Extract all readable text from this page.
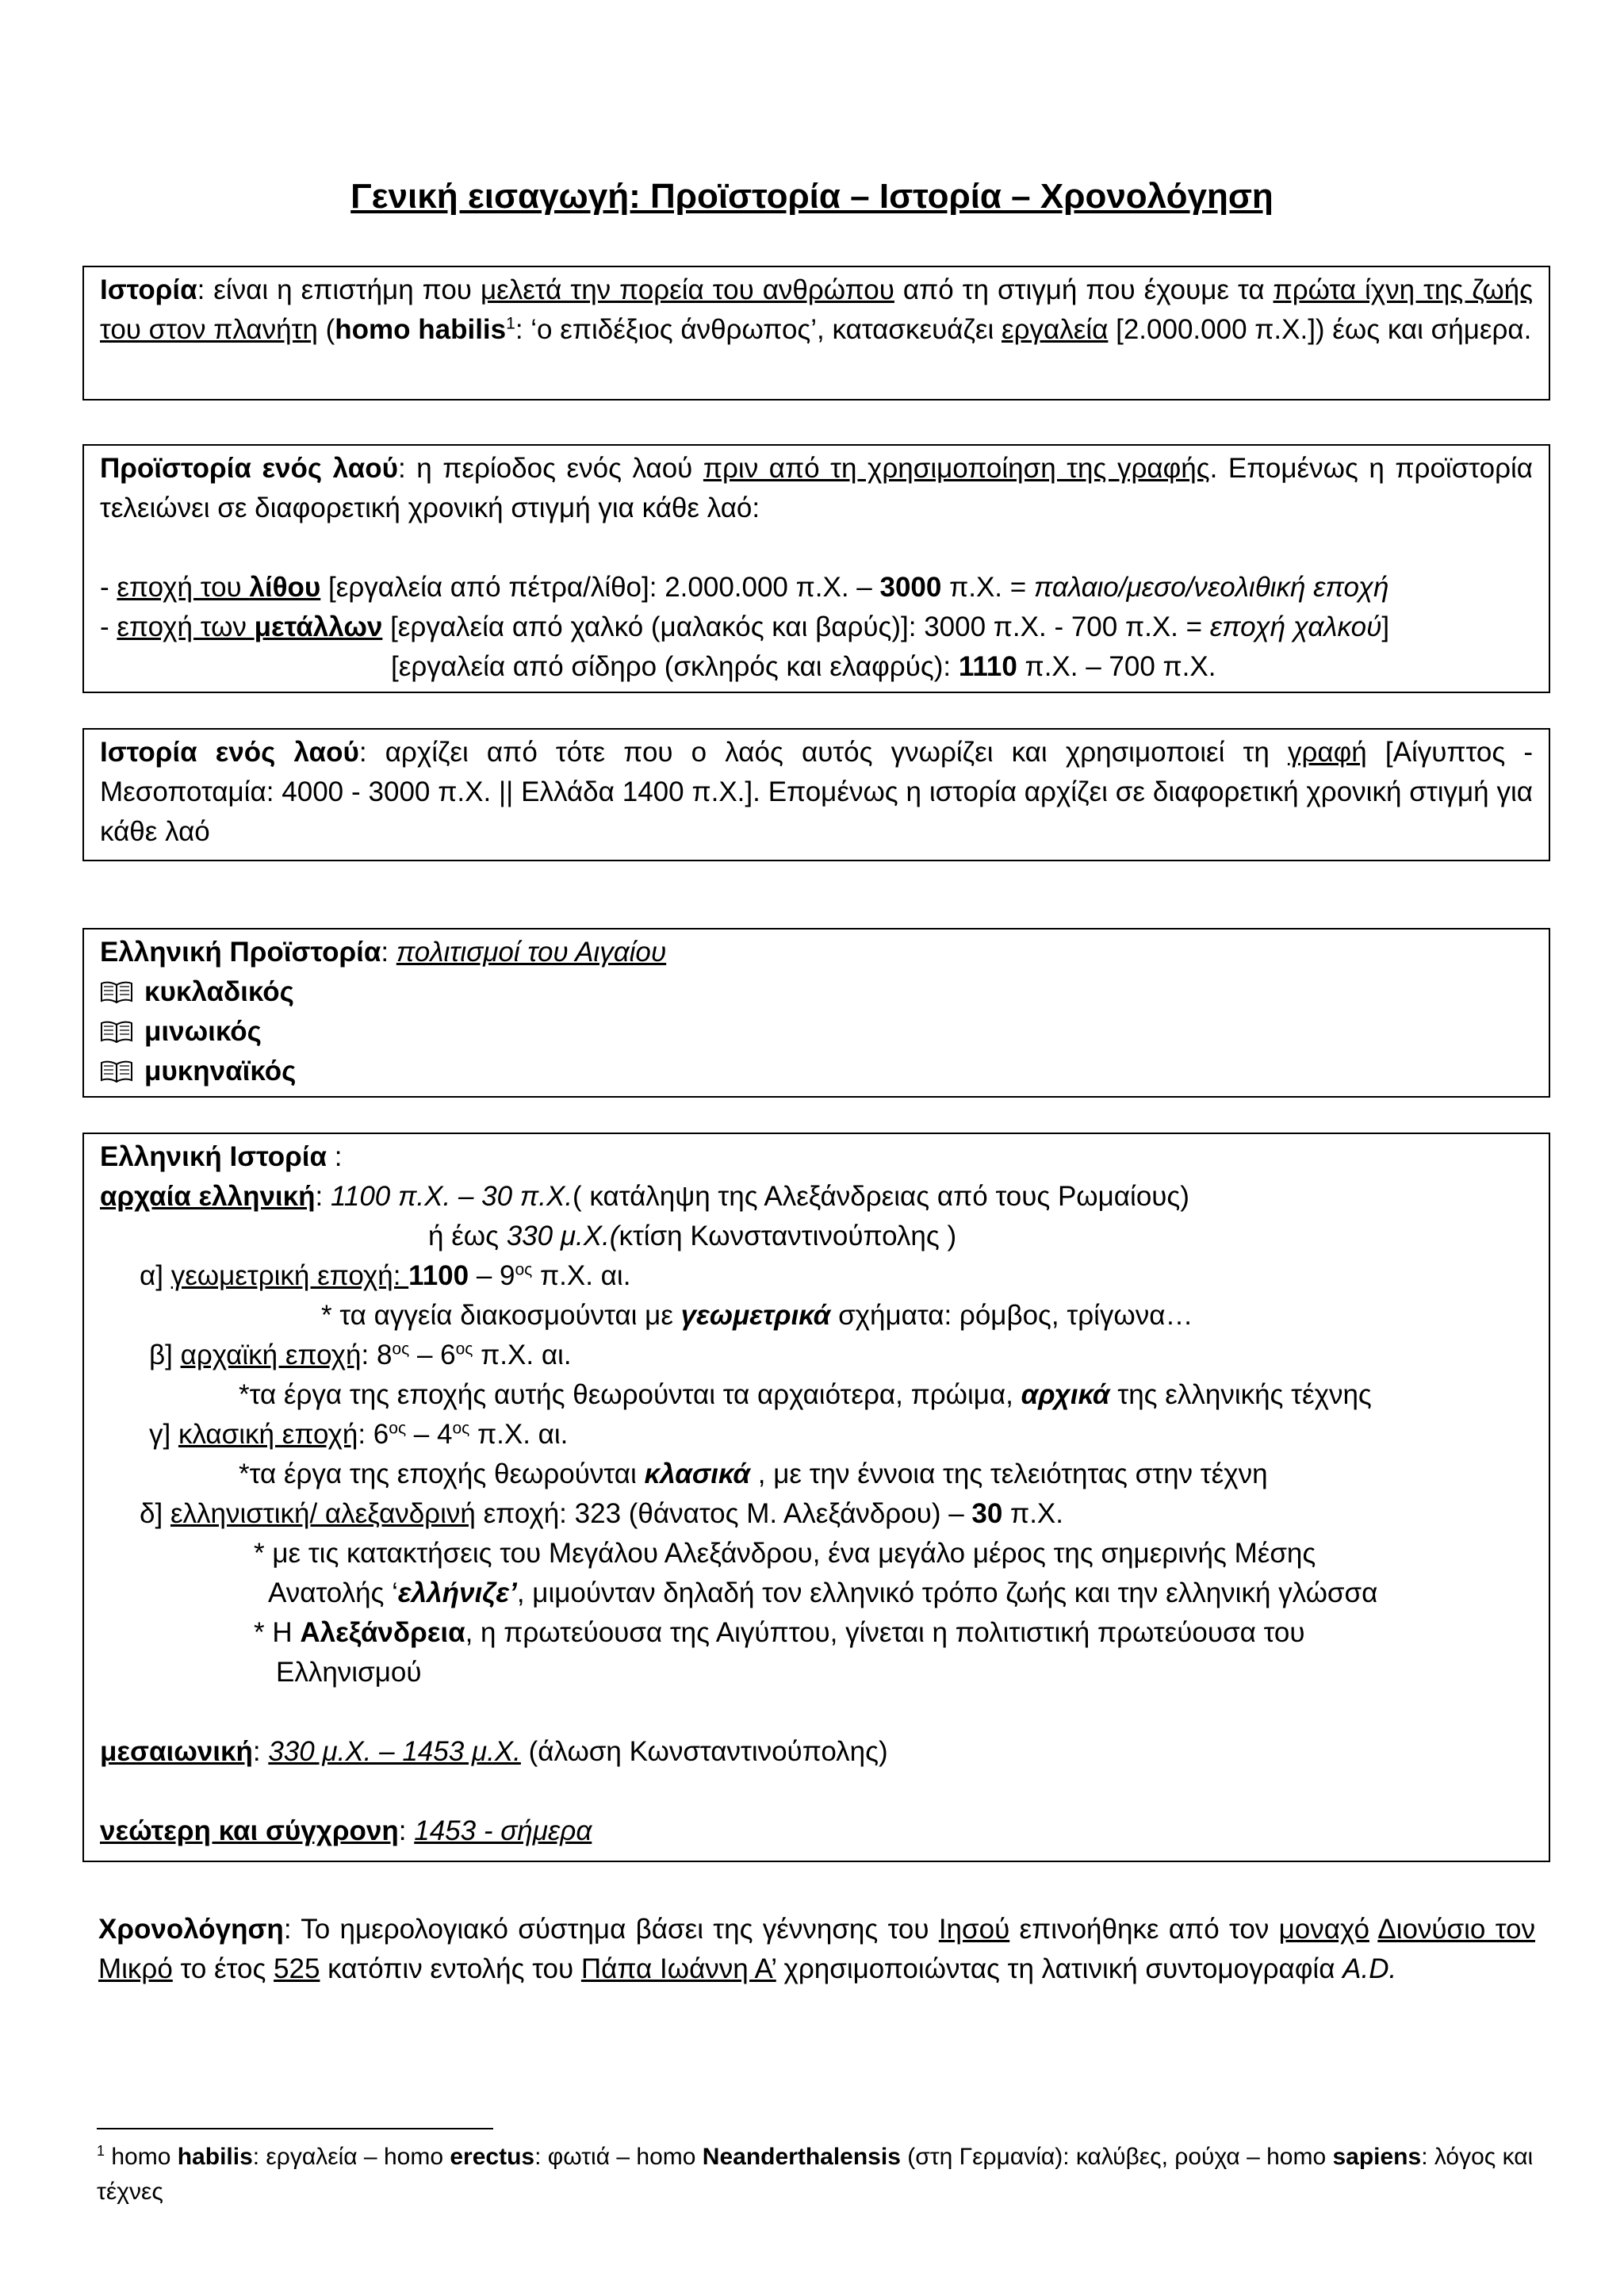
Γενική εισαγωγή: Προϊστορία – Ιστορία – Χρονολόγηση
Ιστορία: είναι η επιστήμη που μελετά την πορεία του ανθρώπου από τη στιγμή που έχουμε τα πρώτα ίχνη της ζωής του στον πλανήτη (homo habilis$^1$: ‘ο επιδέξιος άνθρωπος’, κατασκευάζει εργαλεία [2.000.000 π.Χ.]) έως και σήμερα.
Προϊστορία ενός λαού: η περίοδος ενός λαού πριν από τη χρησιμοποίηση της γραφής. Επομένως η προϊστορία τελειώνει σε διαφορετική χρονική στιγμή για κάθε λαό:
- εποχή του λίθου [εργαλεία από πέτρα/λίθο]: 2.000.000 π.Χ. – 3000 π.Χ. = παλαιο/μεσο/νεολιθική εποχή
- εποχή των μετάλλων [εργαλεία από χαλκό (μαλακός και βαρύς)]: 3000 π.Χ. - 700 π.Χ. = εποχή χαλκού]
[εργαλεία από σίδηρο (σκληρός και ελαφρύς): 1110 π.Χ. – 700 π.Χ.
Ιστορία ενός λαού: αρχίζει από τότε που ο λαός αυτός γνωρίζει και χρησιμοποιεί τη γραφή [Αίγυπτος - Μεσοποταμία: 4000 - 3000 π.Χ. || Ελλάδα 1400 π.Χ.]. Επομένως η ιστορία αρχίζει σε διαφορετική χρονική στιγμή για κάθε λαό
Ελληνική Προϊστορία: πολιτισμοί του Αιγαίου
κυκλαδικός
μινωικός
μυκηναϊκός
Ελληνική Ιστορία :
αρχαία ελληνική: 1100 π.Χ. – 30 π.Χ.( κατάληψη της Αλεξάνδρειας από τους Ρωμαίους)
ή έως 330 μ.Χ.(κτίση Κωνσταντινούπολης )
α] γεωμετρική εποχή: $1100 - 9^{o\varsigma}$ π.Χ. αι.
* τα αγγεία διακοσμούνται με γεωμετρικά σχήματα: ρόμβος, τρίγωνα…
β] αρχαϊκή εποχή: $8^{o\varsigma} - 6^{o\varsigma}$ π.Χ. αι.
*τα έργα της εποχής αυτής θεωρούνται τα αρχαιότερα, πρώιμα, αρχικά της ελληνικής τέχνης
γ] κλασική εποχή: $6^{o\varsigma} - 4^{o\varsigma}$ π.Χ. αι.
*τα έργα της εποχής θεωρούνται κλασικά , με την έννοια της τελειότητας στην τέχνη
δ] ελληνιστική/ αλεξανδρινή εποχή: 323 (θάνατος Μ. Αλεξάνδρου) – 30 π.Χ.
* με τις κατακτήσεις του Μεγάλου Αλεξάνδρου, ένα μεγάλο μέρος της σημερινής Μέσης
Ανατολής ‘ελλήνιζε’, μιμούνταν δηλαδή τον ελληνικό τρόπο ζωής και την ελληνική γλώσσα
* Η Αλεξάνδρεια, η πρωτεύουσα της Αιγύπτου, γίνεται η πολιτιστική πρωτεύουσα του
Ελληνισμού
μεσαιωνική: 330 μ.Χ. – 1453 μ.Χ. (άλωση Κωνσταντινούπολης)
νεώτερη και σύγχρονη: 1453 - σήμερα
Χρονολόγηση: Το ημερολογιακό σύστημα βάσει της γέννησης του Ιησού επινοήθηκε από τον μοναχό Διονύσιο τον Μικρό το έτος 525 κατόπιν εντολής του Πάπα Ιωάννη Α’ χρησιμοποιώντας τη λατινική συντομογραφία A.D.
$^1$ homo habilis: εργαλεία – homo erectus: φωτιά – homo Neanderthalensis (στη Γερμανία): καλύβες, ρούχα – homo sapiens: λόγος και τέχνες
